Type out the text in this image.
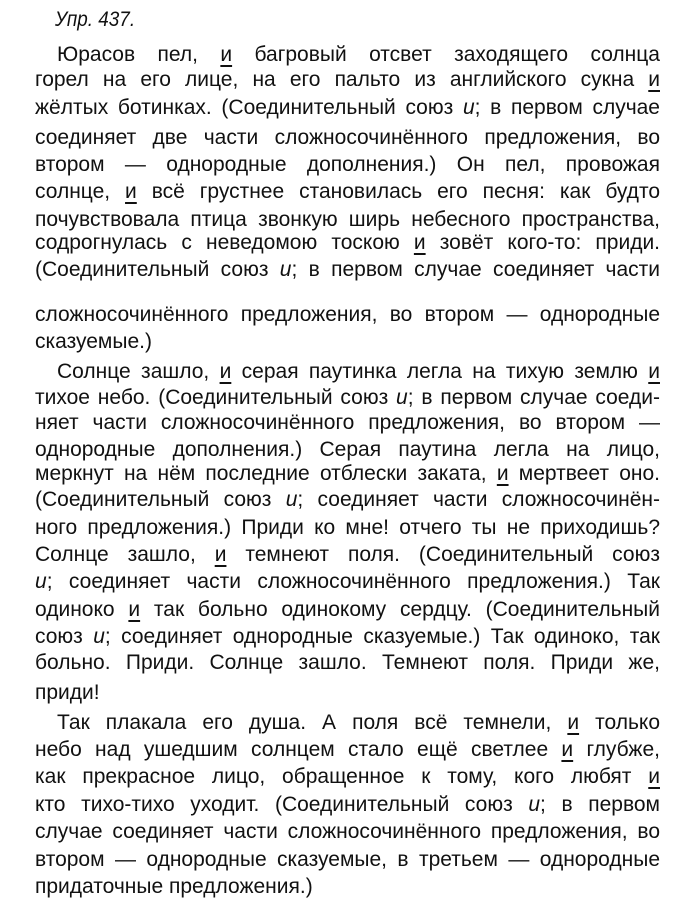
Упр. 437.
Юрасов пел, и багровый отсвет заходящего солнца
горел на его лице, на его пальто из английского сукна и
жёлтых ботинках. (Соединительный союз и; в первом случае
соединяет две части сложносочинённого предложения, во
втором — однородные дополнения.) Он пел, провожая
солнце, и всё грустнее становилась его песня: как будто
почувствовала птица звонкую ширь небесного пространства,
содрогнулась с неведомою тоскою и зовёт кого-то: приди.
(Соединительный союз и; в первом случае соединяет части
сложносочинённого предложения, во втором — однородные
сказуемые.)
Солнце зашло, и серая паутинка легла на тихую землю и
тихое небо. (Соединительный союз и; в первом случае соеди-
няет части сложносочинённого предложения, во втором —
однородные дополнения.) Серая паутина легла на лицо,
меркнут на нём последние отблески заката, и мертвеет оно.
(Соединительный союз и; соединяет части сложносочинён-
ного предложения.) Приди ко мне! отчего ты не приходишь?
Солнце зашло, и темнеют поля. (Соединительный союз
и; соединяет части сложносочинённого предложения.) Так
одиноко и так больно одинокому сердцу. (Соединительный
союз и; соединяет однородные сказуемые.) Так одиноко, так
больно. Приди. Солнце зашло. Темнеют поля. Приди же,
приди!
Так плакала его душа. А поля всё темнели, и только
небо над ушедшим солнцем стало ещё светлее и глубже,
как прекрасное лицо, обращенное к тому, кого любят и
кто тихо-тихо уходит. (Соединительный союз и; в первом
случае соединяет части сложносочинённого предложения, во
втором — однородные сказуемые, в третьем — однородные
придаточные предложения.)
